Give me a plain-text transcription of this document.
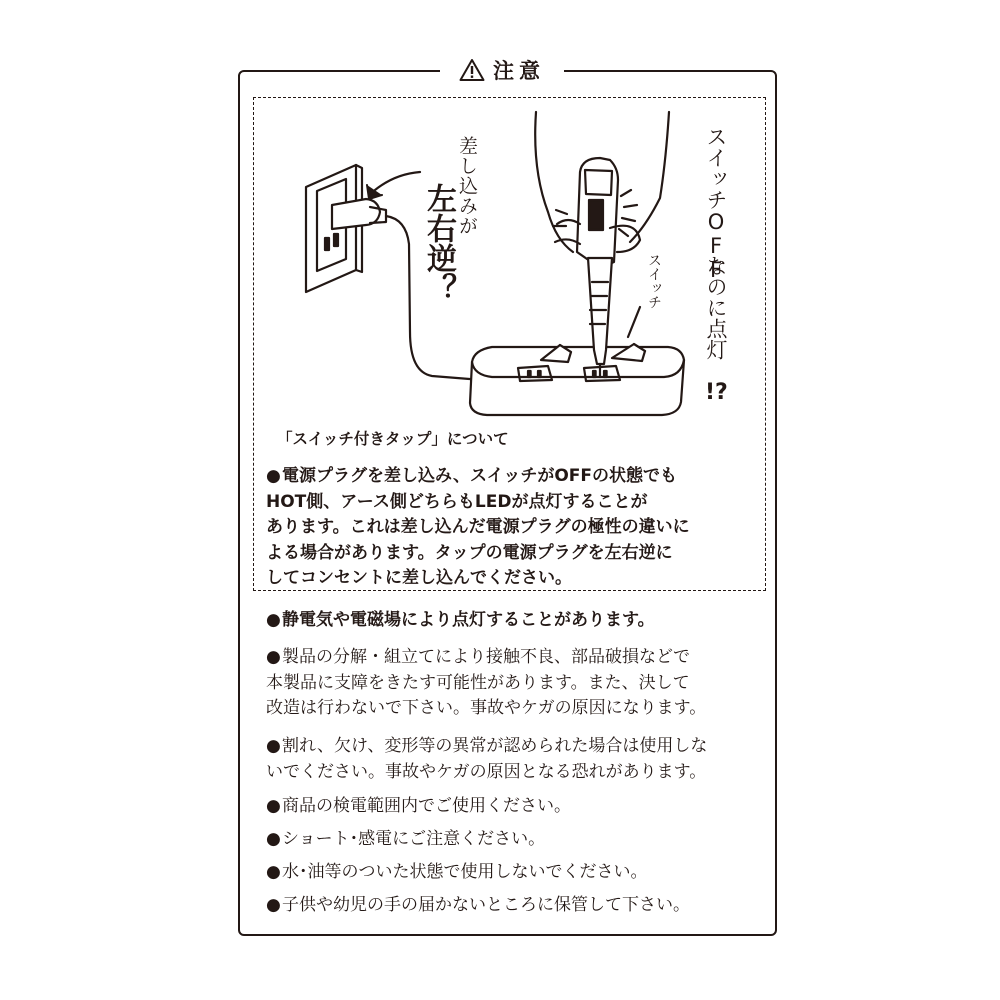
注意
差し込みが
左右逆？	スイッチ スイッチOFF
なのに点灯
!?

「スイッチ付きタップ」について

●電源プラグを差し込み、スイッチがOFFの状態でも
HOT側、アース側どちらもLEDが点灯することが
あります。これは差し込んだ電源プラグの極性の違いに
よる場合があります。タップの電源プラグを左右逆に
してコンセントに差し込んでください。

●静電気や電磁場により点灯することがあります。

●製品の分解・組立てにより接触不良、部品破損などで
本製品に支障をきたす可能性があります。また、決して
改造は行わないで下さい。事故やケガの原因になります。

●割れ、欠け、変形等の異常が認められた場合は使用しな
いでください。事故やケガの原因となる恐れがあります。

●商品の検電範囲内でご使用ください。

●ショート･感電にご注意ください。

●水･油等のついた状態で使用しないでください。

●子供や幼児の手の届かないところに保管して下さい。
